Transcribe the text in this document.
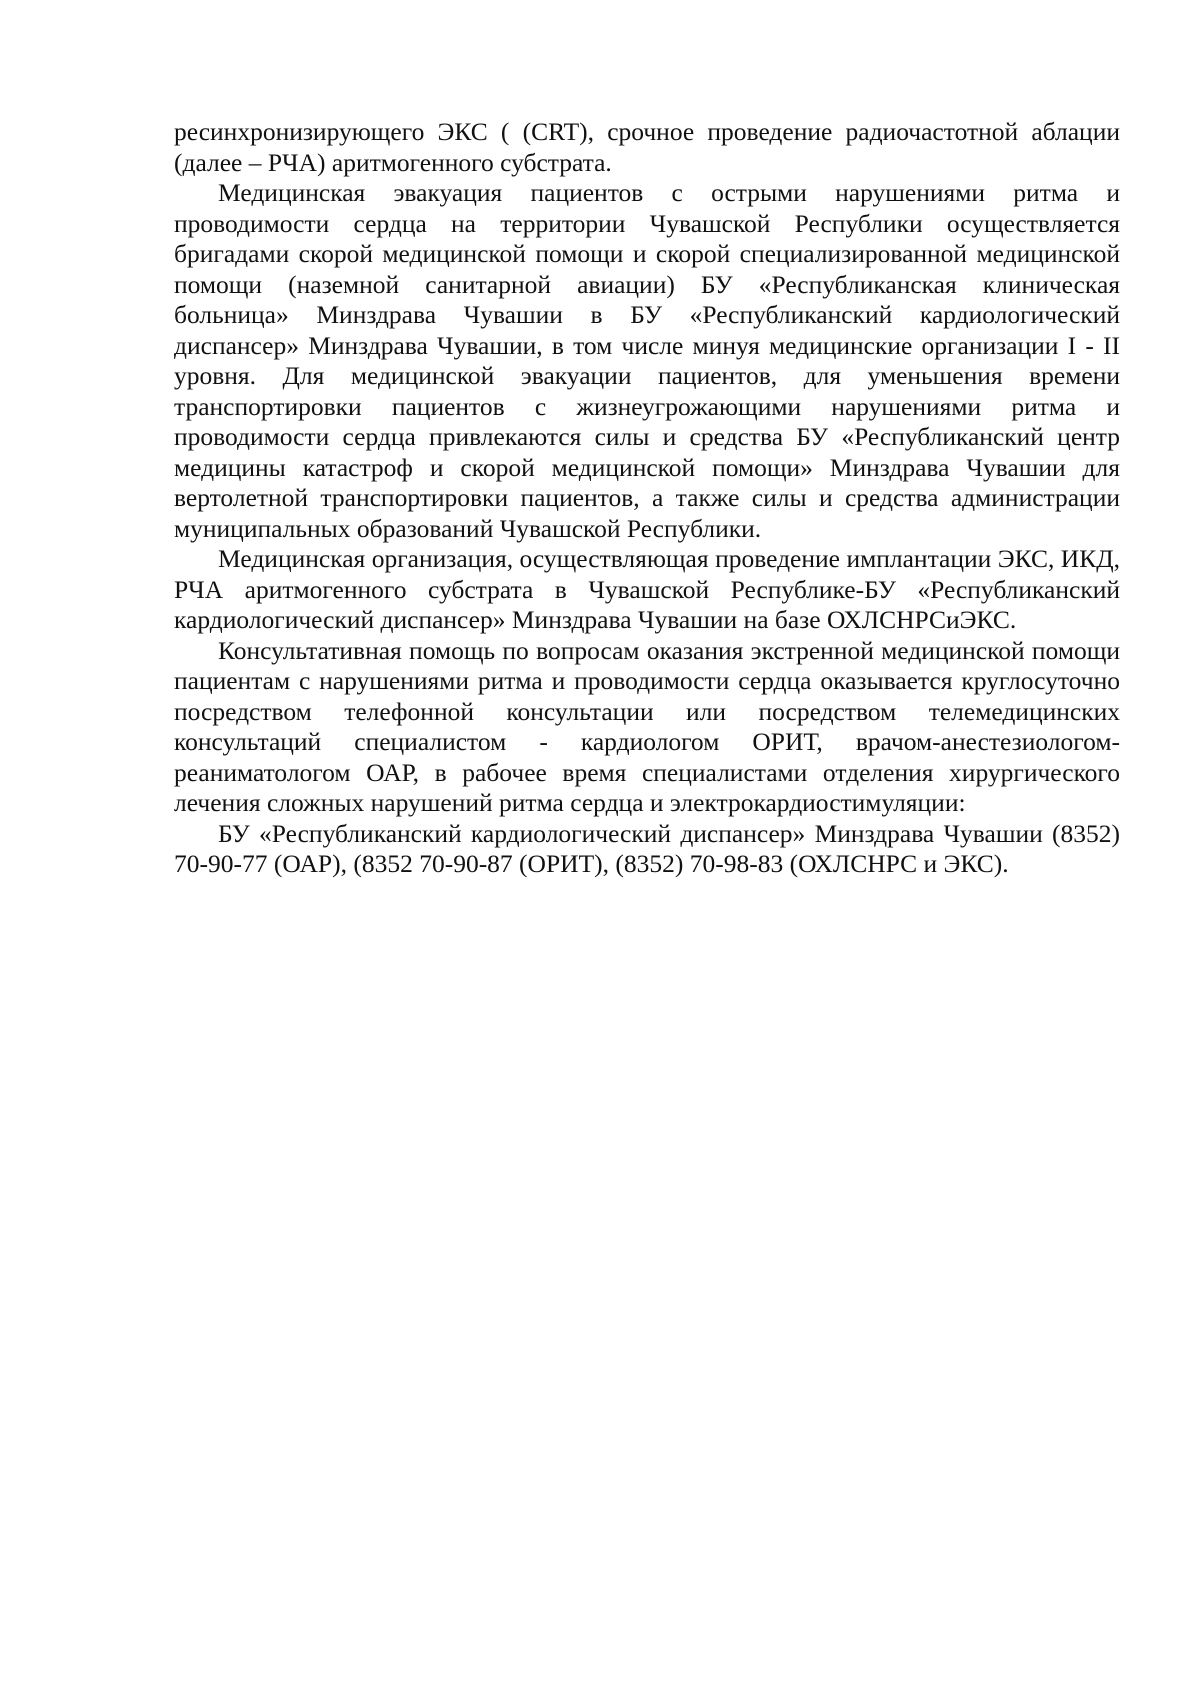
ресинхронизирующего ЭКС ( (CRT), срочное проведение радиочастотной аблации (далее – РЧА) аритмогенного субстрата.

Медицинская эвакуация пациентов с острыми нарушениями ритма и проводимости сердца на территории Чувашской Республики осуществляется бригадами скорой медицинской помощи и скорой специализированной медицинской помощи (наземной санитарной авиации) БУ «Республиканская клиническая больница» Минздрава Чувашии в БУ «Республиканский кардиологический диспансер» Минздрава Чувашии, в том числе минуя медицинские организации I - II уровня. Для медицинской эвакуации пациентов, для уменьшения времени транспортировки пациентов с жизнеугрожающими нарушениями ритма и проводимости сердца привлекаются силы и средства БУ «Республиканский центр медицины катастроф и скорой медицинской помощи» Минздрава Чувашии для вертолетной транспортировки пациентов, а также силы и средства администрации муниципальных образований Чувашской Республики.

Медицинская организация, осуществляющая проведение имплантации ЭКС, ИКД, РЧА аритмогенного субстрата в Чувашской Республике-БУ «Республиканский кардиологический диспансер» Минздрава Чувашии на базе ОХЛСНРСиЭКС.

Консультативная помощь по вопросам оказания экстренной медицинской помощи пациентам с нарушениями ритма и проводимости сердца оказывается круглосуточно посредством телефонной консультации или посредством телемедицинских консультаций специалистом - кардиологом ОРИТ, врачом-анестезиологом-реаниматологом ОАР, в рабочее время специалистами отделения хирургического лечения сложных нарушений ритма сердца и электрокардиостимуляции:

БУ «Республиканский кардиологический диспансер» Минздрава Чувашии (8352) 70-90-77 (ОАР), (8352 70-90-87 (ОРИТ), (8352) 70-98-83 (ОХЛСНРС и ЭКС).
